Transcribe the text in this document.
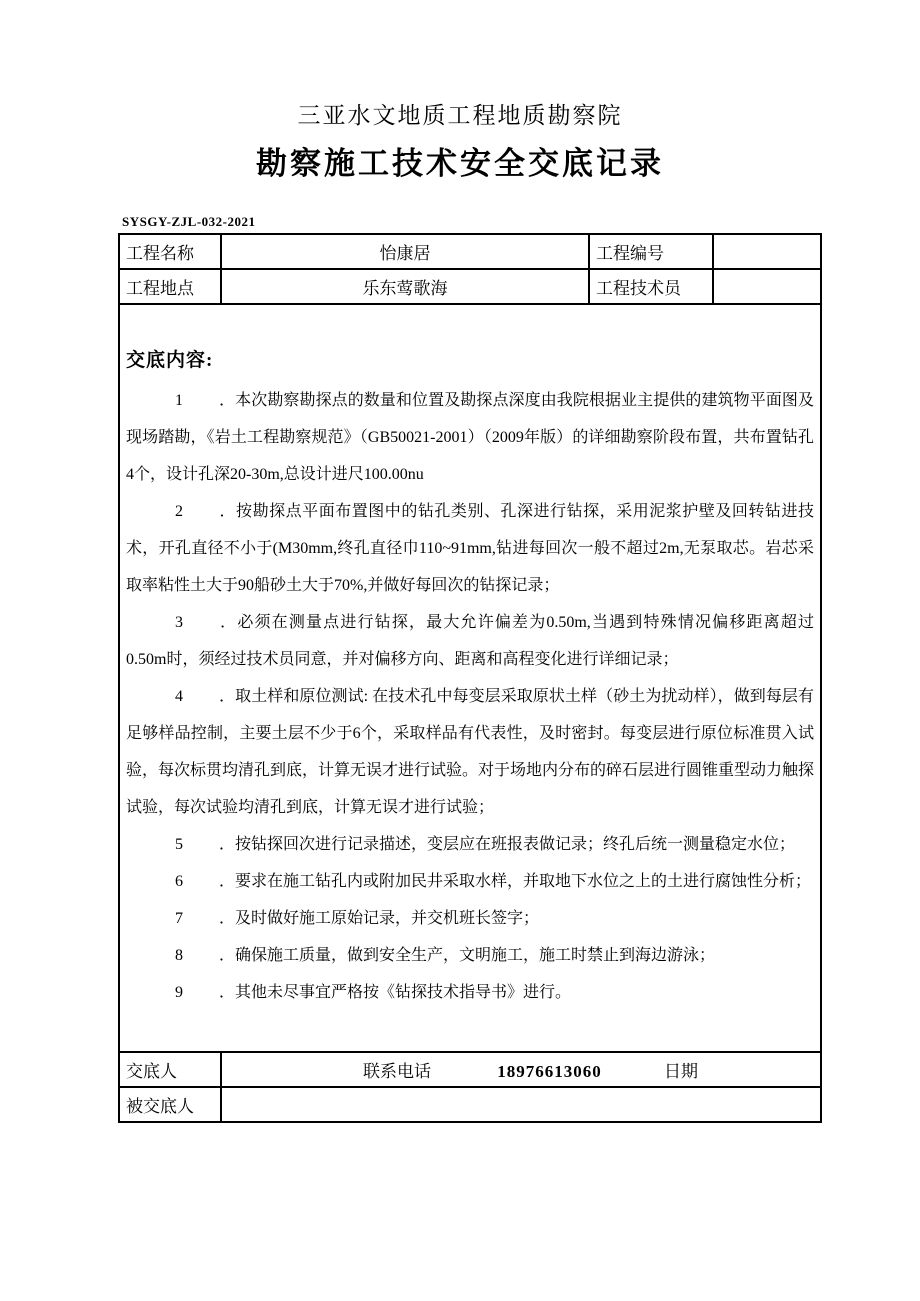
三亚水文地质工程地质勘察院
勘察施工技术安全交底记录
SYSGY-ZJL-032-2021
工程名称	怡康居	工程编号	
工程地点	乐东莺歌海	工程技术员	

交底内容:

1 ．本次勘察勘探点的数量和位置及勘探点深度由我院根据业主提供的建筑物平面图及现场踏勘，《岩土工程勘察规范》（GB50021-2001）（2009年版）的详细勘察阶段布置，共布置钻孔4个，设计孔深20-30m,总设计进尺100.00nu

2 ．按勘探点平面布置图中的钻孔类别、孔深进行钻探，采用泥浆护壁及回转钻进技术，开孔直径不小于(M30mm,终孔直径巾110~91mm,钻进每回次一般不超过2m,无泵取芯。岩芯采取率粘性土大于90船砂土大于70%,并做好每回次的钻探记录；

3 ．必须在测量点进行钻探，最大允许偏差为0.50m,当遇到特殊情况偏移距离超过0.50m时，须经过技术员同意，并对偏移方向、距离和高程变化进行详细记录；

4 ．取土样和原位测试: 在技术孔中每变层采取原状土样（砂土为扰动样），做到每层有足够样品控制，主要土层不少于6个，采取样品有代表性，及时密封。每变层进行原位标准贯入试验，每次标贯均清孔到底，计算无误才进行试验。对于场地内分布的碎石层进行圆锥重型动力触探试验，每次试验均清孔到底，计算无误才进行试验；

5 ．按钻探回次进行记录描述，变层应在班报表做记录；终孔后统一测量稳定水位；

6 ．要求在施工钻孔内或附加民井采取水样，并取地下水位之上的土进行腐蚀性分析；

7 ．及时做好施工原始记录，并交机班长签字；

8 ．确保施工质量，做到安全生产，文明施工，施工时禁止到海边游泳；

9 ．其他未尽事宜严格按《钻探技术指导书》进行。

交底人	联系电话 18976613060 日期		
被交底人			
